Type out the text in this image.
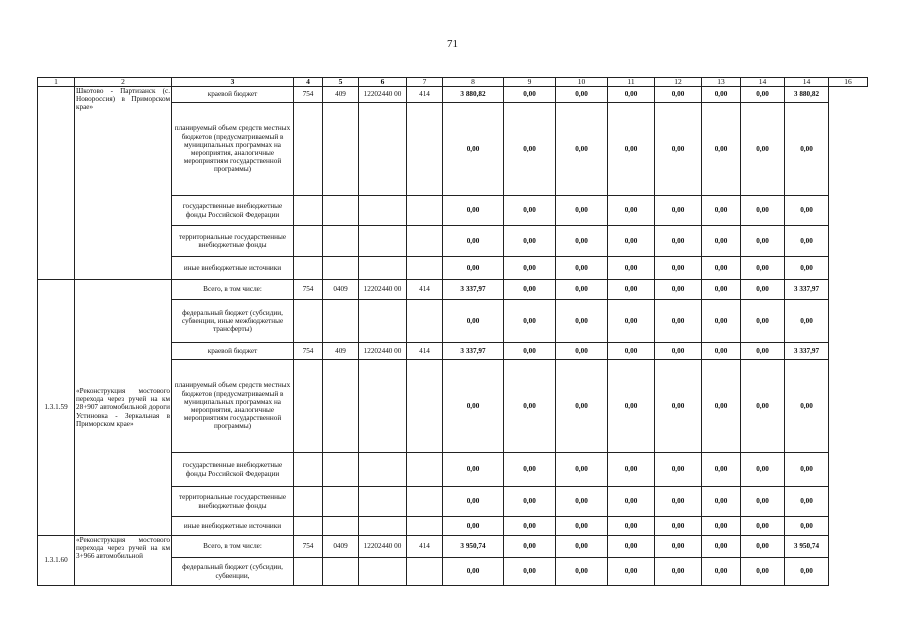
71
1	2	3	4	5	6	7	8	9	10	11	12	13	14	14	16

	Шкотово - Партизанск (с. Новороссия) в Приморском крае»	краевой бюджет	754	409	12202440 00	414	3 880,82	0,00	0,00	0,00	0,00	0,00	0,00	3 880,82	
		планируемый объем средств местных бюджетов (предусматриваемый в муниципальных программах на мероприятия, аналогичные мероприятиям государственной программы)					0,00	0,00	0,00	0,00	0,00	0,00	0,00	0,00	
		государственные внебюджетные фонды Российской Федерации					0,00	0,00	0,00	0,00	0,00	0,00	0,00	0,00	
		территориальные государственные внебюджетные фонды					0,00	0,00	0,00	0,00	0,00	0,00	0,00	0,00	
		иные внебюджетные источники					0,00	0,00	0,00	0,00	0,00	0,00	0,00	0,00	
1.3.1.59	«Реконструкция мостового перехода через ручей на км 28+907 автомобильной дороги Устиновка - Зеркальная в Приморском крае»	Всего, в том числе:	754	0409	12202440 00	414	3 337,97	0,00	0,00	0,00	0,00	0,00	0,00	3 337,97	
		федеральный бюджет (субсидии, субвенции, иные межбюджетные трансферты)					0,00	0,00	0,00	0,00	0,00	0,00	0,00	0,00	
		краевой бюджет	754	409	12202440 00	414	3 337,97	0,00	0,00	0,00	0,00	0,00	0,00	3 337,97	
		планируемый объем средств местных бюджетов (предусматриваемый в муниципальных программах на мероприятия, аналогичные мероприятиям государственной программы)					0,00	0,00	0,00	0,00	0,00	0,00	0,00	0,00	
		государственные внебюджетные фонды Российской Федерации					0,00	0,00	0,00	0,00	0,00	0,00	0,00	0,00	
		территориальные государственные внебюджетные фонды					0,00	0,00	0,00	0,00	0,00	0,00	0,00	0,00	
		иные внебюджетные источники					0,00	0,00	0,00	0,00	0,00	0,00	0,00	0,00	
1.3.1.60	«Реконструкция мостового перехода через ручей на км 3+966 автомобильной	Всего, в том числе:	754	0409	12202440 00	414	3 950,74	0,00	0,00	0,00	0,00	0,00	0,00	3 950,74	
		федеральный бюджет (субсидии, субвенции,					0,00	0,00	0,00	0,00	0,00	0,00	0,00	0,00	
